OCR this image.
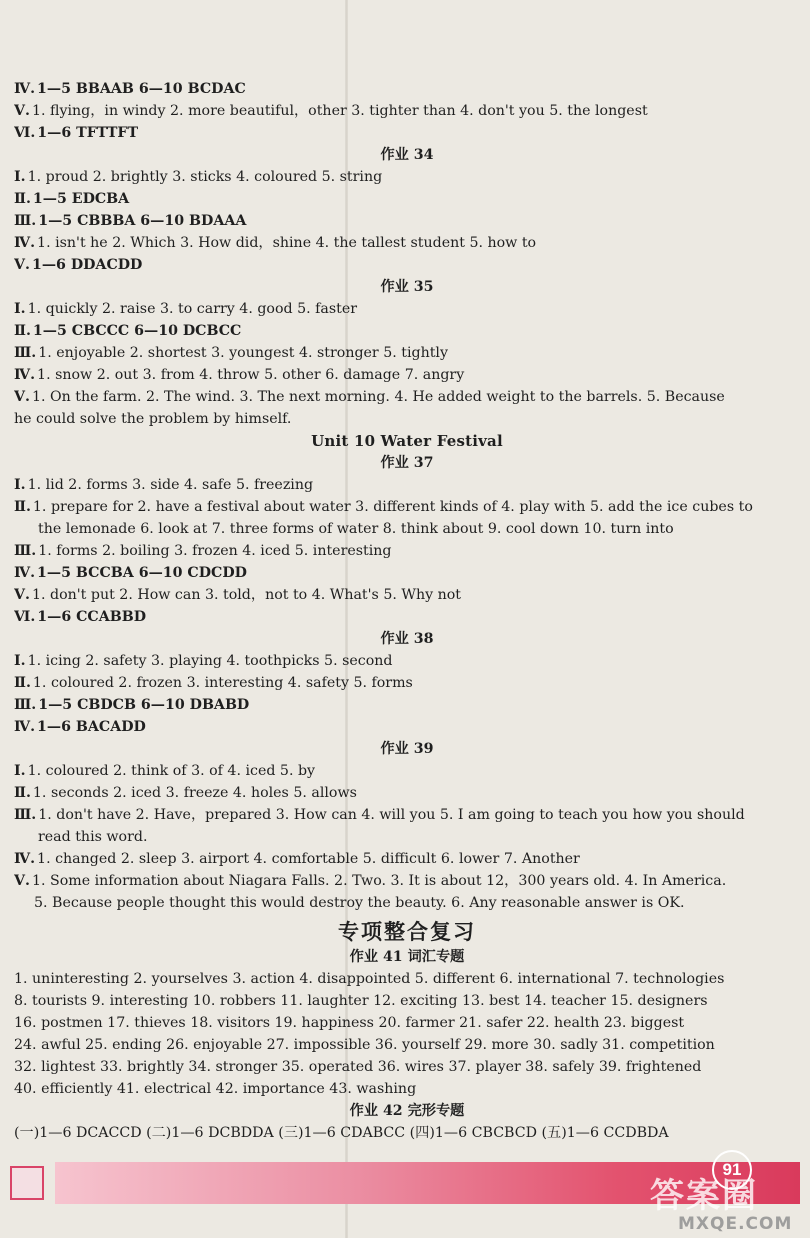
Ⅳ. 1—5 BBAAB 6—10 BCDAC
Ⅴ. 1. flying，in windy 2. more beautiful，other 3. tighter than 4. don't you 5. the longest
Ⅵ. 1—6 TFTTFT
作业 34
Ⅰ. 1. proud 2. brightly 3. sticks 4. coloured 5. string
Ⅱ. 1—5 EDCBA
Ⅲ. 1—5 CBBBA 6—10 BDAAA
Ⅳ. 1. isn't he 2. Which 3. How did，shine 4. the tallest student 5. how to
Ⅴ. 1—6 DDACDD
作业 35
Ⅰ. 1. quickly 2. raise 3. to carry 4. good 5. faster
Ⅱ. 1—5 CBCCC 6—10 DCBCC
Ⅲ. 1. enjoyable 2. shortest 3. youngest 4. stronger 5. tightly
Ⅳ. 1. snow 2. out 3. from 4. throw 5. other 6. damage 7. angry
Ⅴ. 1. On the farm. 2. The wind. 3. The next morning. 4. He added weight to the barrels. 5. Because
he could solve the problem by himself.
Unit 10 Water Festival
作业 37
Ⅰ. 1. lid 2. forms 3. side 4. safe 5. freezing
Ⅱ. 1. prepare for 2. have a festival about water 3. different kinds of 4. play with 5. add the ice cubes to
the lemonade 6. look at 7. three forms of water 8. think about 9. cool down 10. turn into
Ⅲ. 1. forms 2. boiling 3. frozen 4. iced 5. interesting
Ⅳ. 1—5 BCCBA 6—10 CDCDD
Ⅴ. 1. don't put 2. How can 3. told，not to 4. What's 5. Why not
Ⅵ. 1—6 CCABBD
作业 38
Ⅰ. 1. icing 2. safety 3. playing 4. toothpicks 5. second
Ⅱ. 1. coloured 2. frozen 3. interesting 4. safety 5. forms
Ⅲ. 1—5 CBDCB 6—10 DBABD
Ⅳ. 1—6 BACADD
作业 39
Ⅰ. 1. coloured 2. think of 3. of 4. iced 5. by
Ⅱ. 1. seconds 2. iced 3. freeze 4. holes 5. allows
Ⅲ. 1. don't have 2. Have，prepared 3. How can 4. will you 5. I am going to teach you how you should
read this word.
Ⅳ. 1. changed 2. sleep 3. airport 4. comfortable 5. difficult 6. lower 7. Another
Ⅴ. 1. Some information about Niagara Falls. 2. Two. 3. It is about 12，300 years old. 4. In America.
5. Because people thought this would destroy the beauty. 6. Any reasonable answer is OK.
专项整合复习
作业 41 词汇专题
1. uninteresting 2. yourselves 3. action 4. disappointed 5. different 6. international 7. technologies
8. tourists 9. interesting 10. robbers 11. laughter 12. exciting 13. best 14. teacher 15. designers
16. postmen 17. thieves 18. visitors 19. happiness 20. farmer 21. safer 22. health 23. biggest
24. awful 25. ending 26. enjoyable 27. impossible 36. yourself 29. more 30. sadly 31. competition
32. lightest 33. brightly 34. stronger 35. operated 36. wires 37. player 38. safely 39. frightened
40. efficiently 41. electrical 42. importance 43. washing
作业 42 完形专题
(一)1—6 DCACCD (二)1—6 DCBDDA (三)1—6 CDABCC (四)1—6 CBCBCD (五)1—6 CCDBDA
答案圈
MXQE.COM
91
